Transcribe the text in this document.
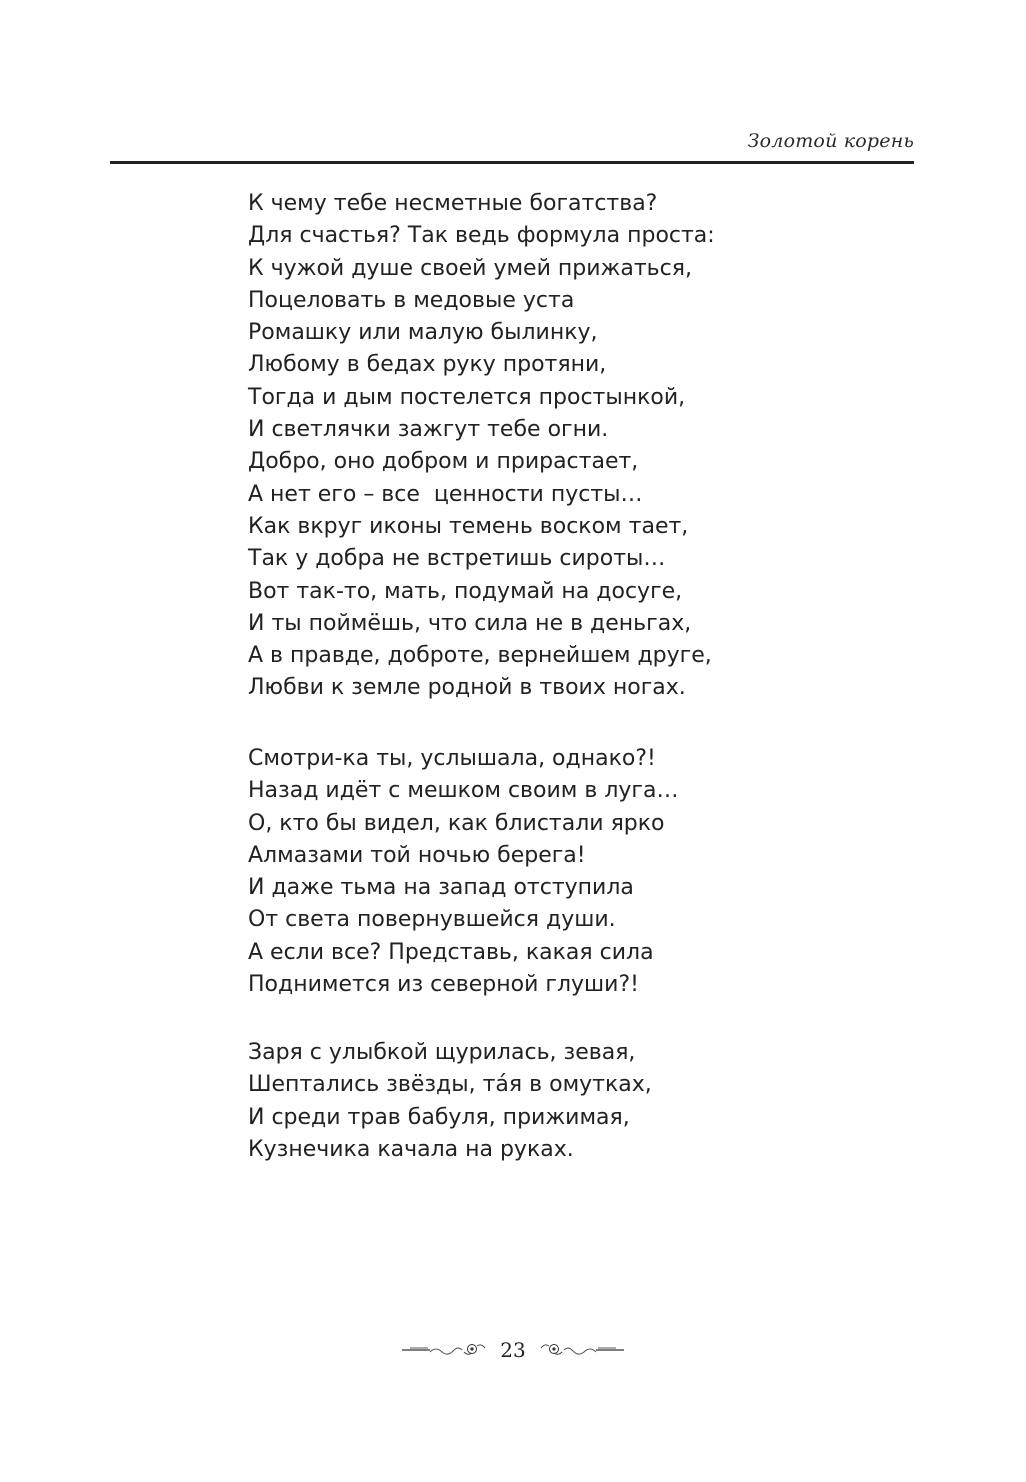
Золотой корень
К чему тебе несметные богатства?
Для счастья? Так ведь формула проста:
К чужой душе своей умей прижаться,
Поцеловать в медовые уста
Ромашку или малую былинку,
Любому в бедах руку протяни,
Тогда и дым постелется простынкой,
И светлячки зажгут тебе огни.
Добро, оно добром и прирастает,
А нет его – все  ценности пусты…
Как вкруг иконы темень воском тает,
Так у добра не встретишь сироты…
Вот так-то, мать, подумай на досуге,
И ты поймёшь, что сила не в деньгах,
А в правде, доброте, вернейшем друге,
Любви к земле родной в твоих ногах.
Смотри-ка ты, услышала, однако?!
Назад идёт с мешком своим в луга…
О, кто бы видел, как блистали ярко
Алмазами той ночью берега!
И даже тьма на запад отступила
От света повернувшейся души.
А если все? Представь, какая сила
Поднимется из северной глуши?!
Заря с улыбкой щурилась, зевая,
Шептались звёзды, та́я в омутках,
И среди трав бабуля, прижимая,
Кузнечика качала на руках.
23
